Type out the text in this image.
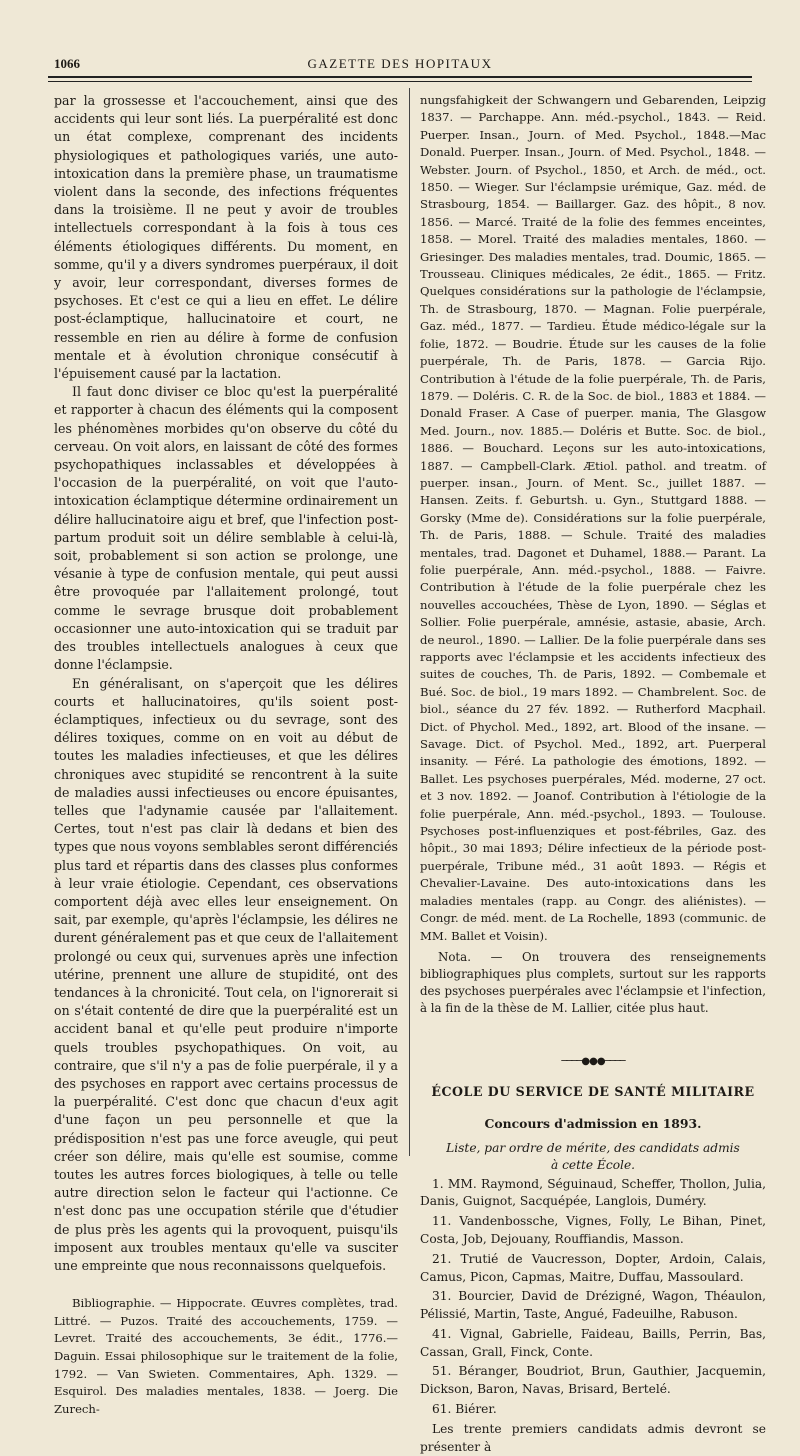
1066	GAZETTE DES HOPITAUX

par la grossesse et l'accouchement, ainsi que des accidents qui leur sont liés. La puerpéralité est donc un état complexe, comprenant des incidents physiologiques et pathologiques variés, une auto-intoxication dans la première phase, un traumatisme violent dans la seconde, des infections fréquentes dans la troisième. Il ne peut y avoir de troubles intellectuels correspondant à la fois à tous ces éléments étiologiques différents. Du moment, en somme, qu'il y a divers syndromes puerpéraux, il doit y avoir, leur correspondant, diverses formes de psychoses. Et c'est ce qui a lieu en effet. Le délire post-éclamptique, hallucinatoire et court, ne ressemble en rien au délire à forme de confusion mentale et à évolution chronique consécutif à l'épuisement causé par la lactation.

Il faut donc diviser ce bloc qu'est la puerpéralité et rapporter à chacun des éléments qui la composent les phénomènes morbides qu'on observe du côté du cerveau. On voit alors, en laissant de côté des formes psychopathiques inclassables et développées à l'occasion de la puerpéralité, on voit que l'auto-intoxication éclamptique détermine ordinairement un délire hallucinatoire aigu et bref, que l'infection post-partum produit soit un délire semblable à celui-là, soit, probablement si son action se prolonge, une vésanie à type de confusion mentale, qui peut aussi être provoquée par l'allaitement prolongé, tout comme le sevrage brusque doit probablement occasionner une auto-intoxication qui se traduit par des troubles intellectuels analogues à ceux que donne l'éclampsie.

En généralisant, on s'aperçoit que les délires courts et hallucinatoires, qu'ils soient post-éclamptiques, infectieux ou du sevrage, sont des délires toxiques, comme on en voit au début de toutes les maladies infectieuses, et que les délires chroniques avec stupidité se rencontrent à la suite de maladies aussi infectieuses ou encore épuisantes, telles que l'adynamie causée par l'allaitement. Certes, tout n'est pas clair là dedans et bien des types que nous voyons semblables seront différenciés plus tard et répartis dans des classes plus conformes à leur vraie étiologie. Cependant, ces observations comportent déjà avec elles leur enseignement. On sait, par exemple, qu'après l'éclampsie, les délires ne durent généralement pas et que ceux de l'allaitement prolongé ou ceux qui, survenues après une infection utérine, prennent une allure de stupidité, ont des tendances à la chronicité. Tout cela, on l'ignorerait si on s'était contenté de dire que la puerpéralité est un accident banal et qu'elle peut produire n'importe quels troubles psychopathiques. On voit, au contraire, que s'il n'y a pas de folie puerpérale, il y a des psychoses en rapport avec certains processus de la puerpéralité. C'est donc que chacun d'eux agit d'une façon un peu personnelle et que la prédisposition n'est pas une force aveugle, qui peut créer son délire, mais qu'elle est soumise, comme toutes les autres forces biologiques, à telle ou telle autre direction selon le facteur qui l'actionne. Ce n'est donc pas une occupation stérile que d'étudier de plus près les agents qui la provoquent, puisqu'ils imposent aux troubles mentaux qu'elle va susciter une empreinte que nous reconnaissons quelquefois.

Bibliographie. — Hippocrate. Œuvres complètes, trad. Littré. — Puzos. Traité des accouchements, 1759. — Levret. Traité des accouchements, 3e édit., 1776.— Daguin. Essai philosophique sur le traitement de la folie, 1792. — Van Swieten. Commentaires, Aph. 1329. — Esquirol. Des maladies mentales, 1838. — Joerg. Die Zurech-

nungsfahigkeit der Schwangern und Gebarenden, Leipzig 1837. — Parchappe. Ann. méd.-psychol., 1843. — Reid. Puerper. Insan., Journ. of Med. Psychol., 1848.—Mac Donald. Puerper. Insan., Journ. of Med. Psychol., 1848. — Webster. Journ. of Psychol., 1850, et Arch. de méd., oct. 1850. — Wieger. Sur l'éclampsie urémique, Gaz. méd. de Strasbourg, 1854. — Baillarger. Gaz. des hôpit., 8 nov. 1856. — Marcé. Traité de la folie des femmes enceintes, 1858. — Morel. Traité des maladies mentales, 1860. — Griesinger. Des maladies mentales, trad. Doumic, 1865. — Trousseau. Cliniques médicales, 2e édit., 1865. — Fritz. Quelques considérations sur la pathologie de l'éclampsie, Th. de Strasbourg, 1870. — Magnan. Folie puerpérale, Gaz. méd., 1877. — Tardieu. Étude médico-légale sur la folie, 1872. — Boudrie. Étude sur les causes de la folie puerpérale, Th. de Paris, 1878. — Garcia Rijo. Contribution à l'étude de la folie puerpérale, Th. de Paris, 1879. — Doléris. C. R. de la Soc. de biol., 1883 et 1884. — Donald Fraser. A Case of puerper. mania, The Glasgow Med. Journ., nov. 1885.— Doléris et Butte. Soc. de biol., 1886. — Bouchard. Leçons sur les auto-intoxications, 1887. — Campbell-Clark. Ætiol. pathol. and treatm. of puerper. insan., Journ. of Ment. Sc., juillet 1887. — Hansen. Zeits. f. Geburtsh. u. Gyn., Stuttgard 1888. — Gorsky (Mme de). Considérations sur la folie puerpérale, Th. de Paris, 1888. — Schule. Traité des maladies mentales, trad. Dagonet et Duhamel, 1888.— Parant. La folie puerpérale, Ann. méd.-psychol., 1888. — Faivre. Contribution à l'étude de la folie puerpérale chez les nouvelles accouchées, Thèse de Lyon, 1890. — Séglas et Sollier. Folie puerpérale, amnésie, astasie, abasie, Arch. de neurol., 1890. — Lallier. De la folie puerpérale dans ses rapports avec l'éclampsie et les accidents infectieux des suites de couches, Th. de Paris, 1892. — Combemale et Bué. Soc. de biol., 19 mars 1892. — Chambrelent. Soc. de biol., séance du 27 fév. 1892. — Rutherford Macphail. Dict. of Phychol. Med., 1892, art. Blood of the insane. — Savage. Dict. of Psychol. Med., 1892, art. Puerperal insanity. — Féré. La pathologie des émotions, 1892. — Ballet. Les psychoses puerpérales, Méd. moderne, 27 oct. et 3 nov. 1892. — Joanof. Contribution à l'étiologie de la folie puerpérale, Ann. méd.-psychol., 1893. — Toulouse. Psychoses post-influenziques et post-fébriles, Gaz. des hôpit., 30 mai 1893; Délire infectieux de la période post-puerpérale, Tribune méd., 31 août 1893. — Régis et Chevalier-Lavaine. Des auto-intoxications dans les maladies mentales (rapp. au Congr. des aliénistes). — Congr. de méd. ment. de La Rochelle, 1893 (communic. de MM. Ballet et Voisin).

Nota. — On trouvera des renseignements bibliographiques plus complets, surtout sur les rapports des psychoses puerpérales avec l'éclampsie et l'infection, à la fin de la thèse de M. Lallier, citée plus haut.

────●●●────
ÉCOLE DU SERVICE DE SANTÉ MILITAIRE
Concours d'admission en 1893.
Liste, par ordre de mérite, des candidats admis
à cette École.

1. MM. Raymond, Séguinaud, Scheffer, Thollon, Julia, Danis, Guignot, Sacquépée, Langlois, Duméry.

11. Vandenbossche, Vignes, Folly, Le Bihan, Pinet, Costa, Job, Dejouany, Rouffiandis, Masson.

21. Trutié de Vaucresson, Dopter, Ardoin, Calais, Camus, Picon, Capmas, Maitre, Duffau, Massoulard.

31. Bourcier, David de Drézigné, Wagon, Théaulon, Pélissié, Martin, Taste, Angué, Fadeuilhe, Rabuson.

41. Vignal, Gabrielle, Faideau, Baills, Perrin, Bas, Cassan, Grall, Finck, Conte.

51. Béranger, Boudriot, Brun, Gauthier, Jacquemin, Dickson, Baron, Navas, Brisard, Bertelé.

61. Biérer.

Les trente premiers candidats admis devront se présenter à
